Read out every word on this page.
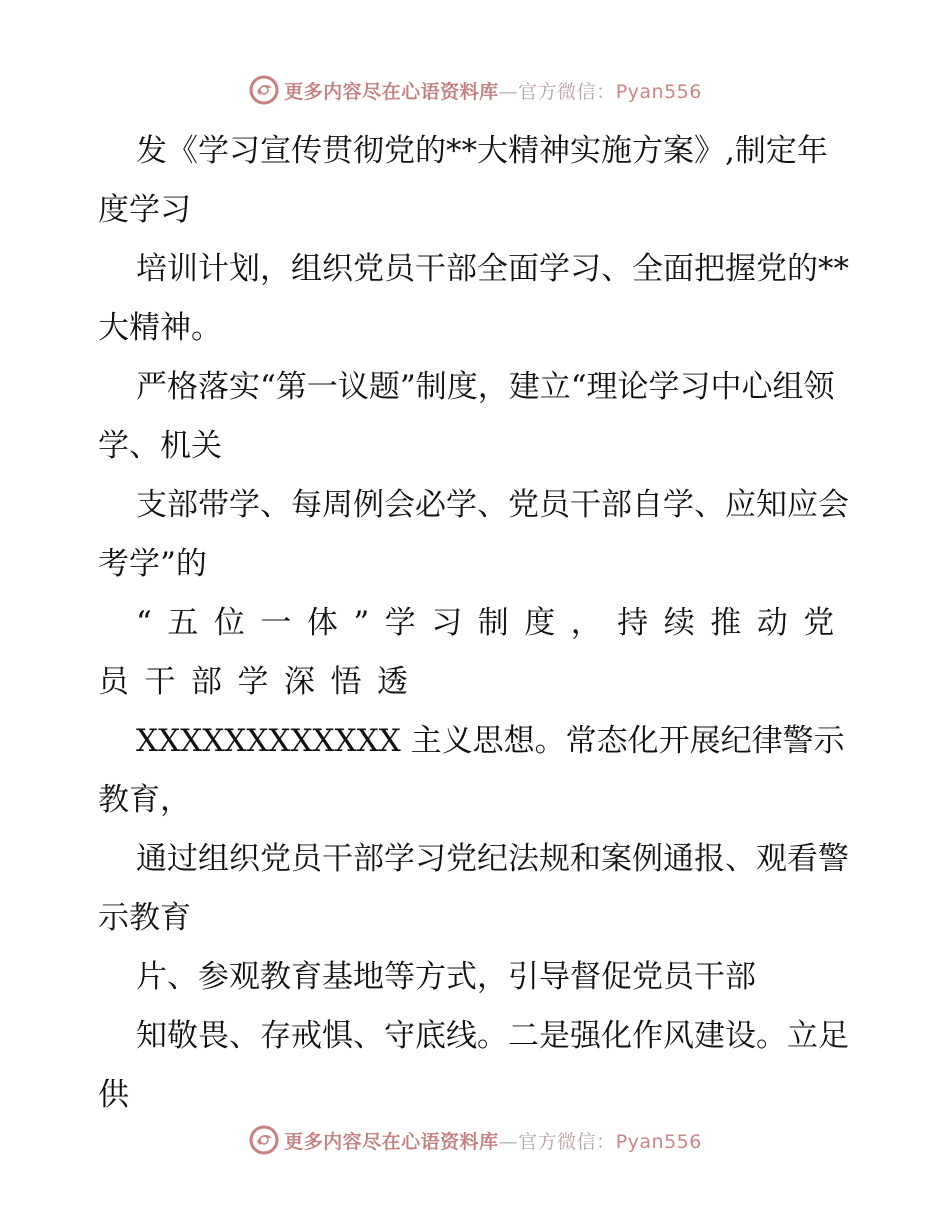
更多内容尽在心语资料库—官方微信：Pyan556

发《学习宣传贯彻党的**大精神实施方案》,制定年度学习

培训计划，组织党员干部全面学习、全面把握党的**大精神。

严格落实“第一议题”制度，建立“理论学习中心组领学、机关

支部带学、每周例会必学、党员干部自学、应知应会考学”的

“五位一体”学习制度，持续推动党员干部学深悟透

XXXXXXXXXXXX 主义思想。常态化开展纪律警示教育，

通过组织党员干部学习党纪法规和案例通报、观看警示教育

片、参观教育基地等方式，引导督促党员干部

知敬畏、存戒惧、守底线。二是强化作风建设。立足供

更多内容尽在心语资料库—官方微信：Pyan556
